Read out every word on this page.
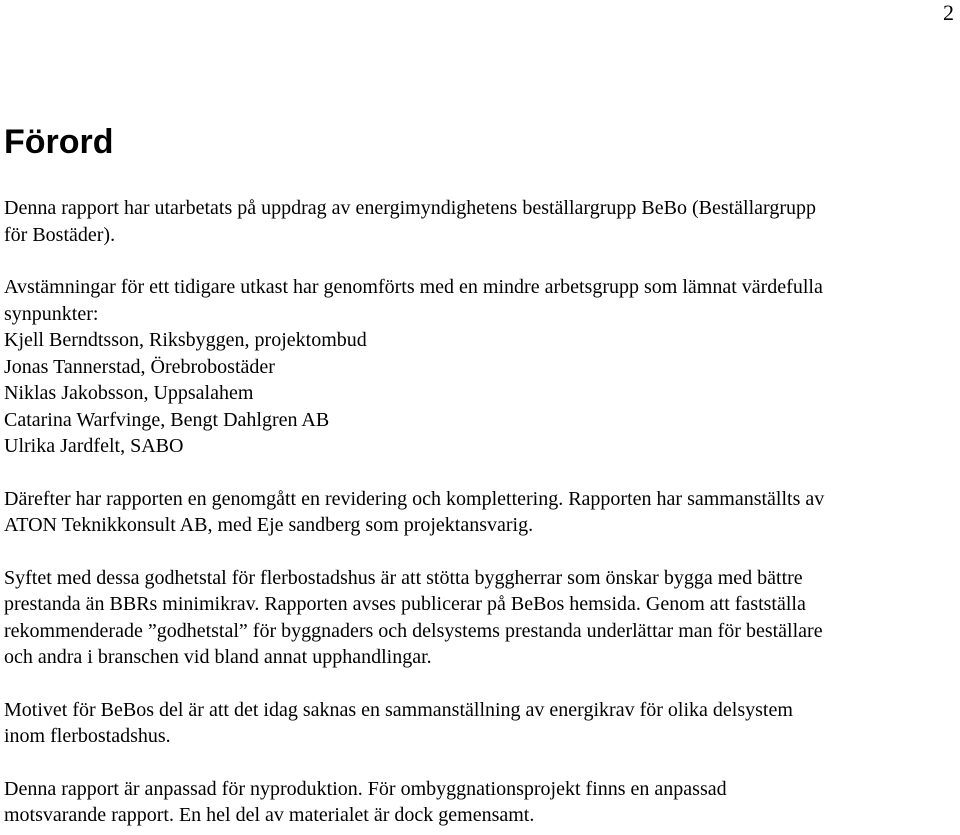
2
Förord

Denna rapport har utarbetats på uppdrag av energimyndighetens beställargrupp BeBo (Beställargrupp
för Bostäder).

Avstämningar för ett tidigare utkast har genomförts med en mindre arbetsgrupp som lämnat värdefulla
synpunkter:

Kjell Berndtsson, Riksbyggen, projektombud
Jonas Tannerstad, Örebrobostäder
Niklas Jakobsson, Uppsalahem
Catarina Warfvinge, Bengt Dahlgren AB
Ulrika Jardfelt, SABO

Därefter har rapporten en genomgått en revidering och komplettering. Rapporten har sammanställts av
ATON Teknikkonsult AB, med Eje sandberg som projektansvarig.

Syftet med dessa godhetstal för flerbostadshus är att stötta byggherrar som önskar bygga med bättre
prestanda än BBRs minimikrav. Rapporten avses publicerar på BeBos hemsida. Genom att fastställa
rekommenderade ”godhetstal” för byggnaders och delsystems prestanda underlättar man för beställare
och andra i branschen vid bland annat upphandlingar.

Motivet för BeBos del är att det idag saknas en sammanställning av energikrav för olika delsystem
inom flerbostadshus.

Denna rapport är anpassad för nyproduktion. För ombyggnationsprojekt finns en anpassad
motsvarande rapport. En hel del av materialet är dock gemensamt.
